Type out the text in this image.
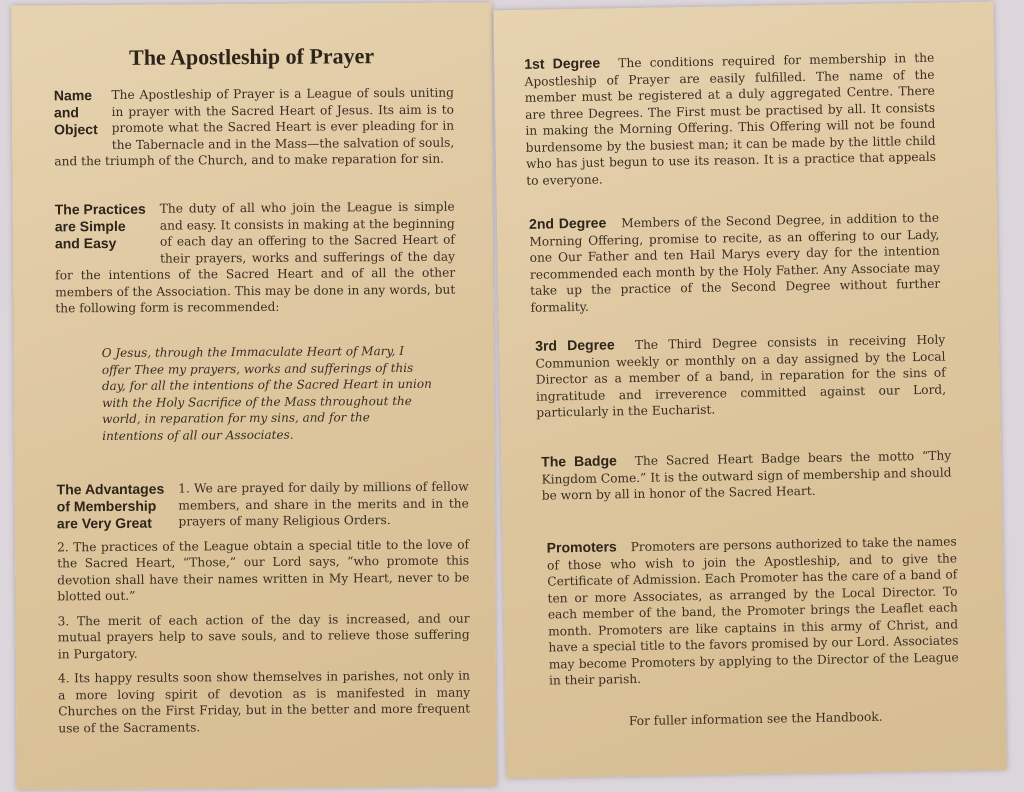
The Apostleship of Prayer
Name
and
Object
The Apostleship of Prayer is a League of souls uniting in prayer with the Sacred Heart of Jesus. Its aim is to promote what the Sacred Heart is ever pleading for in the Tabernacle and in the Mass—the salvation of souls, and the triumph of the Church, and to make reparation for sin.
The Practices
are Simple
and Easy
The duty of all who join the League is simple and easy. It consists in making at the beginning of each day an offering to the Sacred Heart of their prayers, works and sufferings of the day for the intentions of the Sacred Heart and of all the other members of the Association. This may be done in any words, but the following form is recommended:
O Jesus, through the Immaculate Heart of Mary, I offer Thee my prayers, works and sufferings of this day, for all the intentions of the Sacred Heart in union with the Holy Sacrifice of the Mass throughout the world, in reparation for my sins, and for the intentions of all our Associates.
The Advantages
of Membership
are Very Great

1. We are prayed for daily by millions of fellow members, and share in the merits and in the prayers of many Religious Orders.

2. The practices of the League obtain a special title to the love of the Sacred Heart, “Those,” our Lord says, “who promote this devotion shall have their names written in My Heart, never to be blotted out.”

3. The merit of each action of the day is increased, and our mutual prayers help to save souls, and to relieve those suffering in Purgatory.

4. Its happy results soon show themselves in parishes, not only in a more loving spirit of devotion as is manifested in many Churches on the First Friday, but in the better and more frequent use of the Sacraments.

1st Degree The conditions required for membership in the Apostleship of Prayer are easily fulfilled. The name of the member must be registered at a duly aggregated Centre. There are three Degrees. The First must be practised by all. It consists in making the Morning Offering. This Offering will not be found burdensome by the busiest man; it can be made by the little child who has just begun to use its reason. It is a practice that appeals to everyone.
2nd Degree Members of the Second Degree, in addition to the Morning Offering, promise to recite, as an offering to our Lady, one Our Father and ten Hail Marys every day for the intention recommended each month by the Holy Father. Any Associate may take up the practice of the Second Degree without further formality.
3rd Degree The Third Degree consists in receiving Holy Communion weekly or monthly on a day assigned by the Local Director as a member of a band, in reparation for the sins of ingratitude and irreverence committed against our Lord, particularly in the Eucharist.
The Badge The Sacred Heart Badge bears the motto “Thy Kingdom Come.” It is the outward sign of membership and should be worn by all in honor of the Sacred Heart.
Promoters Promoters are persons authorized to take the names of those who wish to join the Apostleship, and to give the Certificate of Admission. Each Promoter has the care of a band of ten or more Associates, as arranged by the Local Director. To each member of the band, the Promoter brings the Leaflet each month. Promoters are like captains in this army of Christ, and have a special title to the favors promised by our Lord. Associates may become Promoters by applying to the Director of the League in their parish.
For fuller information see the Handbook.
